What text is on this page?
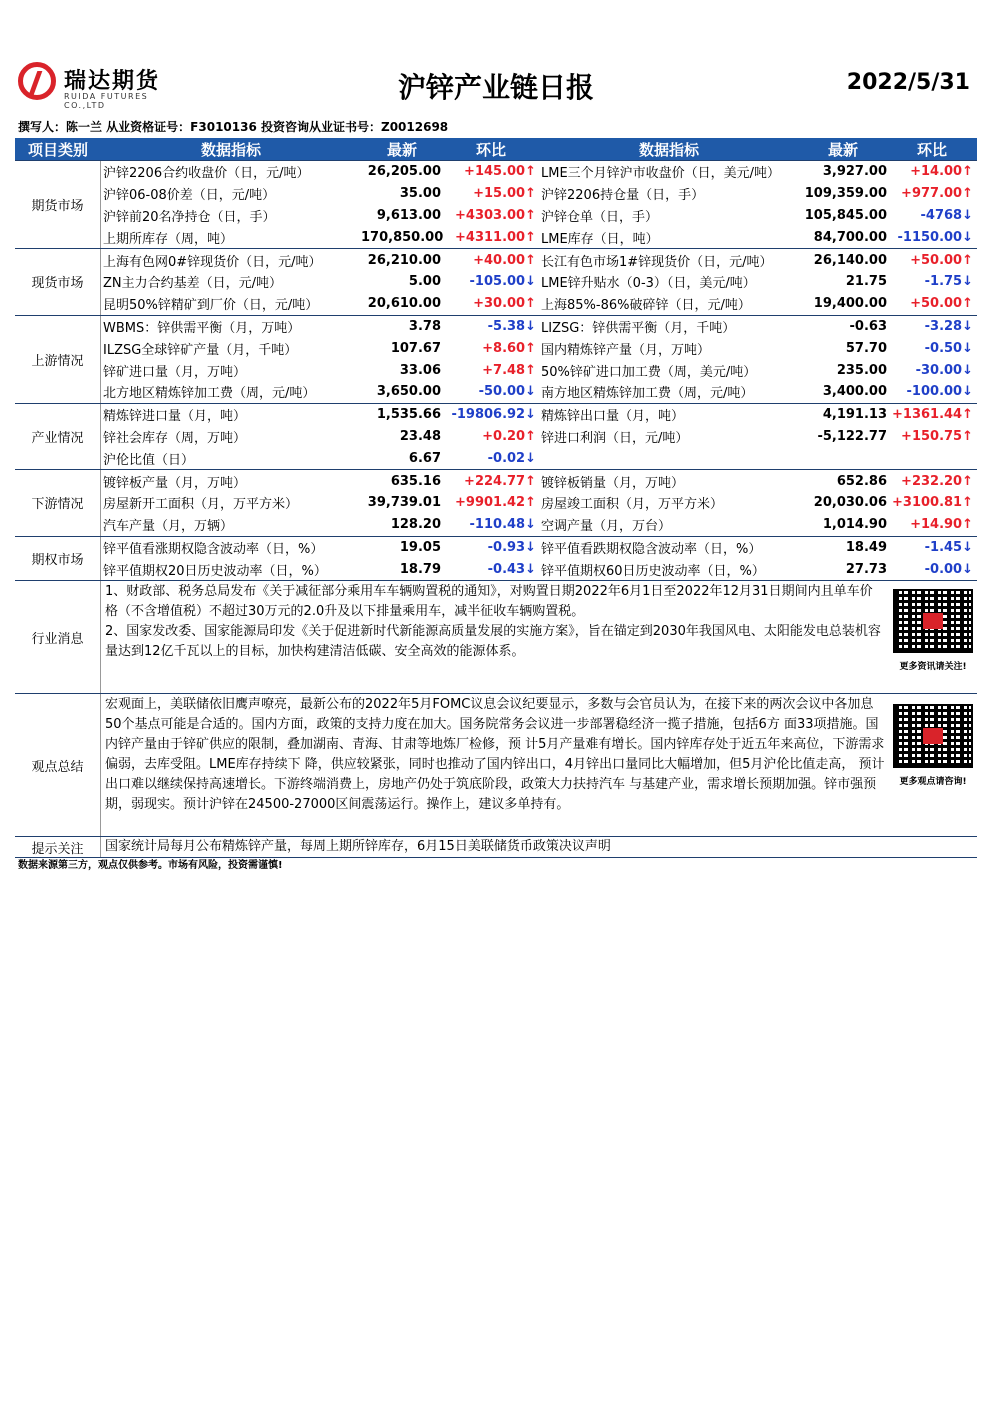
瑞达期货
RUIDA FUTURES CO.,LTD
沪锌产业链日报	2022/5/31
撰写人：陈一兰 从业资格证号：F3010136 投资咨询从业证书号：Z0012698
项目类别	数据指标	最新	环比	数据指标	最新	环比
期货市场
沪锌2206合约收盘价（日，元/吨）	26,205.00	+145.00↑ LME三个月锌沪市收盘价（日，美元/吨）	3,927.00	+14.00↑
沪锌06-08价差（日，元/吨）	35.00	+15.00↑ 沪锌2206持仓量（日，手）	109,359.00	+977.00↑
沪锌前20名净持仓（日，手）	9,613.00	+4303.00↑ 沪锌仓单（日，手）	105,845.00	-4768↓
上期所库存（周，吨）	170,850.00 +4311.00↑ LME库存（日，吨）	84,700.00 -1150.00↓
现货市场
上海有色网0#锌现货价（日，元/吨）	26,210.00	+40.00↑ 长江有色市场1#锌现货价（日，元/吨）	26,140.00	+50.00↑
ZN主力合约基差（日，元/吨）	5.00	-105.00↓ LME锌升贴水（0-3）（日，美元/吨）	21.75	-1.75↓
昆明50%锌精矿到厂价（日，元/吨）	20,610.00	+30.00↑ 上海85%-86%破碎锌（日，元/吨）	19,400.00	+50.00↑
上游情况
WBMS：锌供需平衡（月，万吨）	3.78	-5.38↓ LIZSG：锌供需平衡（月，千吨）	-0.63	-3.28↓
ILZSG全球锌矿产量（月，千吨）	107.67	+8.60↑ 国内精炼锌产量（月，万吨）	57.70	-0.50↓
锌矿进口量（月，万吨）	33.06	+7.48↑ 50%锌矿进口加工费（周，美元/吨）	235.00	-30.00↓
北方地区精炼锌加工费（周，元/吨）	3,650.00	-50.00↓ 南方地区精炼锌加工费（周，元/吨）	3,400.00	-100.00↓
产业情况
精炼锌进口量（月，吨）	1,535.66 -19806.92↓ 精炼锌出口量（月，吨）	4,191.13 +1361.44↑
锌社会库存（周，万吨）	23.48	+0.20↑ 锌进口利润（日，元/吨）	-5,122.77	+150.75↑
沪伦比值（日）	6.67	-0.02↓
下游情况
镀锌板产量（月，万吨）	635.16	+224.77↑ 镀锌板销量（月，万吨）	652.86	+232.20↑
房屋新开工面积（月，万平方米）	39,739.01	+9901.42↑ 房屋竣工面积（月，万平方米）	20,030.06 +3100.81↑
汽车产量（月，万辆）	128.20	-110.48↓ 空调产量（月，万台）	1,014.90	+14.90↑
期权市场
锌平值看涨期权隐含波动率（日，%）	19.05	-0.93↓ 锌平值看跌期权隐含波动率（日，%）	18.49	-1.45↓
锌平值期权20日历史波动率（日，%）	18.79	-0.43↓ 锌平值期权60日历史波动率（日，%）	27.73	-0.00↓
行业消息
1、财政部、税务总局发布《关于减征部分乘用车车辆购置税的通知》，对购置日期2022年6月1日至2022年12月31日期间内且单车价格（不含增值税）不超过30万元的2.0升及以下排量乘用车，减半征收车辆购置税。
2、国家发改委、国家能源局印发《关于促进新时代新能源高质量发展的实施方案》，旨在锚定到2030年我国风电、太阳能发电总装机容量达到12亿千瓦以上的目标，加快构建清洁低碳、安全高效的能源体系。
更多资讯请关注!
观点总结
宏观面上，美联储依旧鹰声嘹亮，最新公布的2022年5月FOMC议息会议纪要显示，多数与会官员认为，在接下来的两次会议中各加息50个基点可能是合适的。国内方面，政策的支持力度在加大。国务院常务会议进一步部署稳经济一揽子措施，包括6方 面33项措施。国内锌产量由于锌矿供应的限制，叠加湖南、青海、甘肃等地炼厂检修，预 计5月产量难有增长。国内锌库存处于近五年来高位，下游需求偏弱，去库受阻。LME库存持续下 降，供应较紧张，同时也推动了国内锌出口，4月锌出口量同比大幅增加，但5月沪伦比值走高， 预计出口难以继续保持高速增长。下游终端消费上，房地产仍处于筑底阶段，政策大力扶持汽车 与基建产业，需求增长预期加强。锌市强预期，弱现实。预计沪锌在24500-27000区间震荡运行。操作上，建议多单持有。
更多观点请咨询!
提示关注	国家统计局每月公布精炼锌产量，每周上期所锌库存，6月15日美联储货币政策决议声明
数据来源第三方，观点仅供参考。市场有风险，投资需谨慎!
